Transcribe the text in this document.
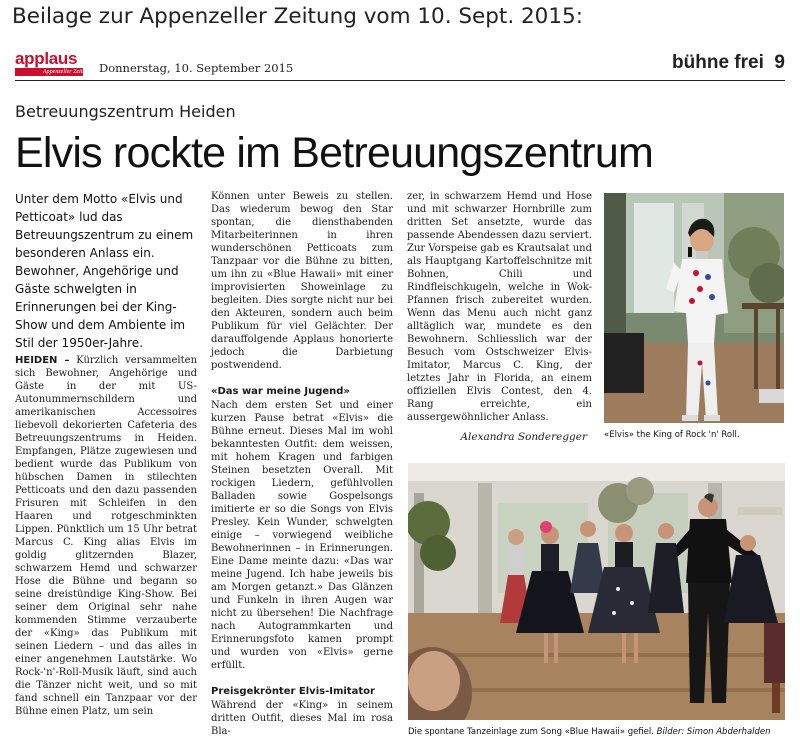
Beilage zur Appenzeller Zeitung vom 10. Sept. 2015:
applaus
Appenzeller Zeitung Donnerstag, 10. September 2015	bühne frei 9
Betreuungszentrum Heiden
Elvis rockte im Betreuungszentrum

Unter dem Motto «Elvis und Petticoat» lud das Betreuungszentrum zu einem besonderen Anlass ein. Bewohner, Angehörige und Gäste schwelgten in Erinnerungen bei der King-Show und dem Ambiente im Stil der 1950er-Jahre.

HEIDEN – Kürzlich versammelten sich Bewohner, Angehörige und Gäste in der mit US-Autonummernschildern und amerikanischen Accessoires liebevoll dekorierten Cafeteria des Betreuungszentrums in Heiden. Empfangen, Plätze zugewiesen und bedient wurde das Publikum von hübschen Damen in stilechten Petticoats und den dazu passenden Frisuren mit Schleifen in den Haaren und rotgeschminkten Lippen. Pünktlich um 15 Uhr betrat Marcus C. King alias Elvis im goldig glitzernden Blazer, schwarzem Hemd und schwarzer Hose die Bühne und begann so seine dreistündige King-Show. Bei seiner dem Original sehr nahe kommenden Stimme verzauberte der «King» das Publikum mit seinen Liedern – und das alles in einer angenehmen Lautstärke. Wo Rock-'n'-Roll-Musik läuft, sind auch die Tänzer nicht weit, und so mit fand schnell ein Tanzpaar vor der Bühne einen Platz, um sein

Können unter Beweis zu stellen. Das wiederum bewog den Star spontan, die diensthabenden Mitarbeiterinnen in ihren wunderschönen Petticoats zum Tanzpaar vor die Bühne zu bitten, um ihn zu «Blue Hawaii» mit einer improvisierten Showeinlage zu begleiten. Dies sorgte nicht nur bei den Akteuren, sondern auch beim Publikum für viel Gelächter. Der darauffolgende Applaus honorierte jedoch die Darbietung postwendend.

«Das war meine Jugend»

Nach dem ersten Set und einer kurzen Pause betrat «Elvis» die Bühne erneut. Dieses Mal im wohl bekanntesten Outfit: dem weissen, mit hohem Kragen und farbigen Steinen besetzten Overall. Mit rockigen Liedern, gefühlvollen Balladen sowie Gospelsongs imitierte er so die Songs von Elvis Presley. Kein Wunder, schwelgten einige – vorwiegend weibliche Bewohnerinnen – in Erinnerungen. Eine Dame meinte dazu: «Das war meine Jugend. Ich habe jeweils bis am Morgen getanzt.» Das Glänzen und Funkeln in ihren Augen war nicht zu übersehen! Die Nachfrage nach Autogrammkarten und Erinnerungsfoto kamen prompt und wurden von «Elvis» gerne erfüllt.

Preisgekrönter Elvis-Imitator

Während der «King» in seinem dritten Outfit, dieses Mal im rosa Bla-

zer, in schwarzem Hemd und Hose und mit schwarzer Hornbrille zum dritten Set ansetzte, wurde das passende Abendessen dazu serviert. Zur Vorspeise gab es Krautsalat und als Hauptgang Kartoffelschnitze mit Bohnen, Chili und Rindfleischkugeln, welche in Wok-Pfannen frisch zubereitet wurden. Wenn das Menu auch nicht ganz alltäglich war, mundete es den Bewohnern. Schliesslich war der Besuch vom Ostschweizer Elvis-Imitator, Marcus C. King, der letztes Jahr in Florida, an einem offiziellen Elvis Contest, den 4. Rang erreichte, ein aussergewöhnlicher Anlass.

Alexandra Sonderegger «Elvis» the King of Rock 'n' Roll.
Die spontane Tanzeinlage zum Song «Blue Hawaii» gefiel. Bilder: Simon Abderhalden
